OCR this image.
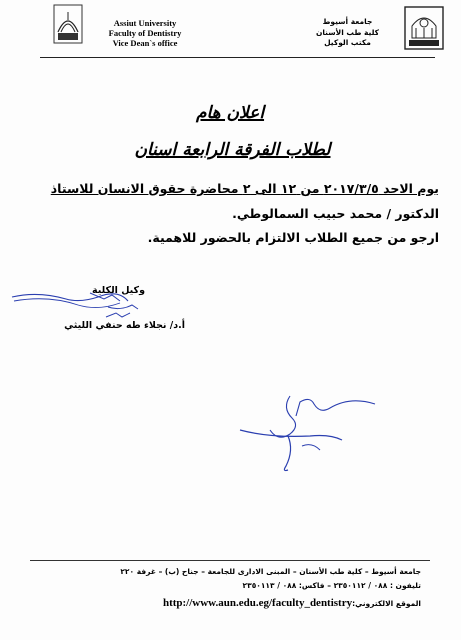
Assiut University
Faculty of Dentistry
Vice Dean`s office
جامعة أسيوط
كلية طب الأسنان
مكتب الوكيل
اعلان هام
لطلاب الفرقة الرابعة اسنان
يوم الاحد ٢٠١٧/٣/٥ من ١٢ الى ٢ محاضرة حقوق الانسان للاستاذ
الدكتور / محمد حبيب السمالوطي.
ارجو من جميع الطلاب الالتزام بالحضور للاهمية.
وكيل الكلية
أ.د/ نجلاء طه حنفي الليثي
جامعة أسيوط – كلية طب الأسنان – المبنى الادارى للجامعة – جناح (ب) – غرفة ٢٢٠
تليفون : ٠٨٨ / ٢٣٥٠١١٢ – فاكس: ٠٨٨ / ٢٣٥٠١١٣
الموقع الالكتروني:http://www.aun.edu.eg/faculty_dentistry
